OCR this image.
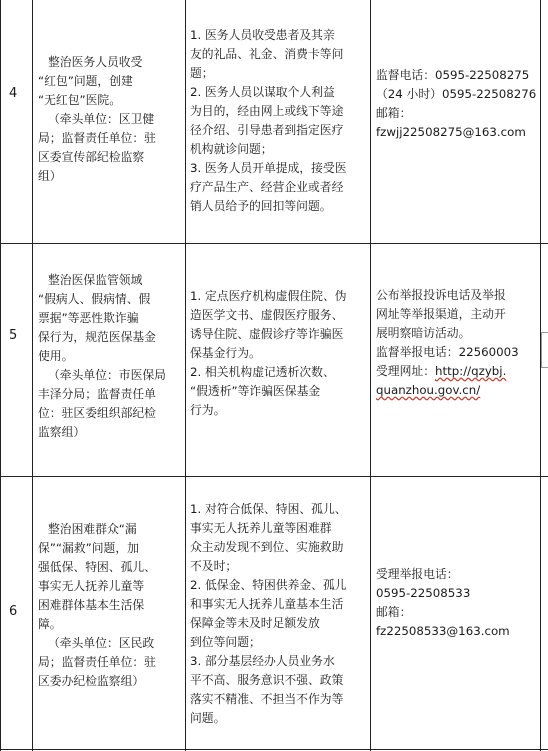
4

整治医务人员收受

“红包”问题，创建

“无红包”医院。

（牵头单位：区卫健

局；监督责任单位：驻

区委宣传部纪检监察

组）

1. 医务人员收受患者及其亲

友的礼品、礼金、消费卡等问

题；

2. 医务人员以谋取个人利益

为目的，经由网上或线下等途

径介绍、引导患者到指定医疗

机构就诊问题；

3. 医务人员开单提成，接受医

疗产品生产、经营企业或者经

销人员给予的回扣等问题。

监督电话：0595-22508275

（24 小时）0595-22508276

邮箱：

fzwjj22508275@163.com

5

整治医保监管领域

“假病人、假病情、假

票据”等恶性欺诈骗

保行为，规范医保基金

使用。

（牵头单位：市医保局

丰泽分局；监督责任单

位：驻区委组织部纪检

监察组）

1. 定点医疗机构虚假住院、伪

造医学文书、虚假医疗服务、

诱导住院、虚假诊疗等诈骗医

保基金行为。

2. 相关机构虚记透析次数、

“假透析”等诈骗医保基金

行为。

公布举报投诉电话及举报

网址等举报渠道，主动开

展明察暗访活动。

监督举报电话：22560003

受理网址：http://qzybj.

quanzhou.gov.cn/

6

整治困难群众“漏

保”“漏救”问题，加

强低保、特困、孤儿、

事实无人抚养儿童等

困难群体基本生活保

障。

（牵头单位：区民政

局；监督责任单位：驻

区委办纪检监察组）

1. 对符合低保、特困、孤儿、

事实无人抚养儿童等困难群

众主动发现不到位、实施救助

不及时；

2. 低保金、特困供养金、孤儿

和事实无人抚养儿童基本生活

保障金等未及时足额发放

到位等问题；

3. 部分基层经办人员业务水

平不高、服务意识不强、政策

落实不精准、不担当不作为等

问题。

受理举报电话：

0595-22508533

邮箱：

fz22508533@163.com
